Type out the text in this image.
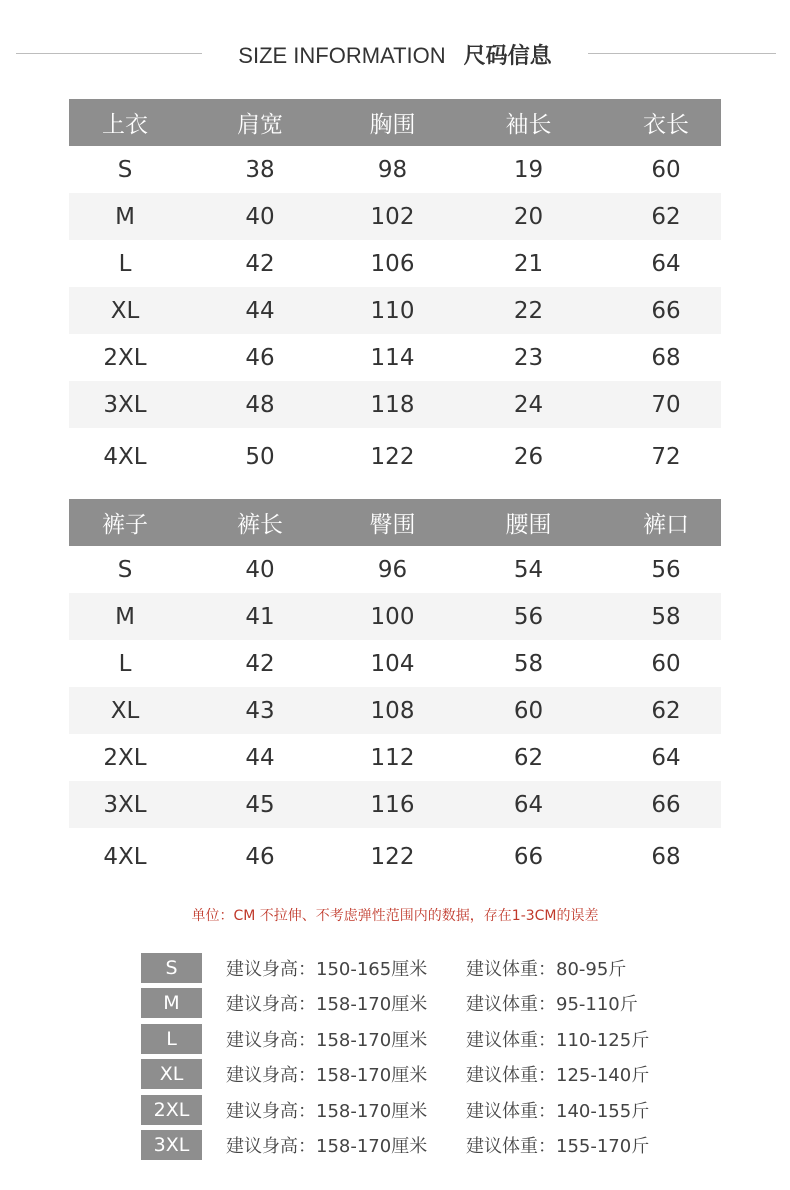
SIZE INFORMATION 尺码信息
上衣	肩宽	胸围	袖长	衣长
S	38	98	19	60
M	40	102	20	62
L	42	106	21	64
XL	44	110	22	66
2XL	46	114	23	68
3XL	48	118	24	70
4XL	50	122	26	72
裤子	裤长	臀围	腰围	裤口
S	40	96	54	56
M	41	100	56	58
L	42	104	58	60
XL	43	108	60	62
2XL	44	112	62	64
3XL	45	116	64	66
4XL	46	122	66	68
单位：CM 不拉伸、不考虑弹性范围内的数据，存在1-3CM的误差
S	建议身高：150-165厘米	建议体重：80-95斤
M	建议身高：158-170厘米	建议体重：95-110斤
L	建议身高：158-170厘米	建议体重：110-125斤
XL	建议身高：158-170厘米	建议体重：125-140斤
2XL	建议身高：158-170厘米	建议体重：140-155斤
3XL	建议身高：158-170厘米	建议体重：155-170斤
